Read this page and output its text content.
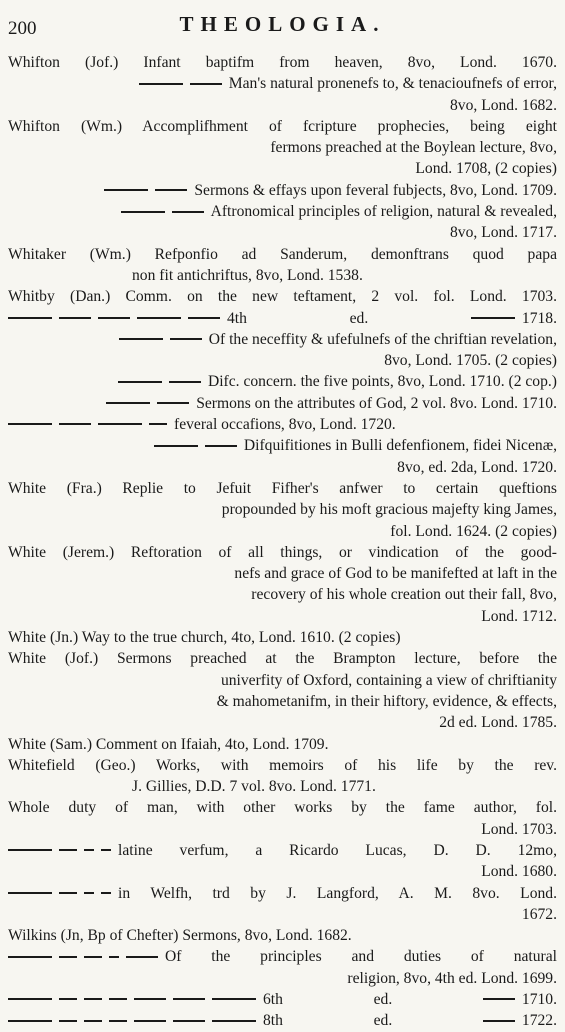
200	THEOLOGIA.
Whifton (Jof.) Infant baptifm from heaven, 8vo, Lond. 1670.
Man's natural pronenefs to, & tenacioufnefs of error,
8vo, Lond. 1682.
Whifton (Wm.) Accomplifhment of fcripture prophecies, being eight
fermons preached at the Boylean lecture, 8vo,
Lond. 1708, (2 copies)
Sermons & effays upon feveral fubjects, 8vo, Lond. 1709.
Aftronomical principles of religion, natural & revealed,
8vo, Lond. 1717.
Whitaker (Wm.) Refponfio ad Sanderum, demonftrans quod papa
non fit antichriftus, 8vo, Lond. 1538.
Whitby (Dan.) Comm. on the new teftament, 2 vol. fol. Lond. 1703.
4th ed.	1718.
Of the neceffity & ufefulnefs of the chriftian revelation,
8vo, Lond. 1705. (2 copies)
Difc. concern. the five points, 8vo, Lond. 1710. (2 cop.)
Sermons on the attributes of God, 2 vol. 8vo. Lond. 1710.
feveral occafions, 8vo, Lond. 1720.
Difquifitiones in Bulli defenfionem, fidei Nicenæ,
8vo, ed. 2da, Lond. 1720.
White (Fra.) Replie to Jefuit Fifher's anfwer to certain queftions
propounded by his moft gracious majefty king James,
fol. Lond. 1624. (2 copies)
White (Jerem.) Reftoration of all things, or vindication of the good-
nefs and grace of God to be manifefted at laft in the
recovery of his whole creation out their fall, 8vo,
Lond. 1712.
White (Jn.) Way to the true church, 4to, Lond. 1610. (2 copies)
White (Jof.) Sermons preached at the Brampton lecture, before the
univerfity of Oxford, containing a view of chriftianity
& mahometanifm, in their hiftory, evidence, & effects,
2d ed. Lond. 1785.
White (Sam.) Comment on Ifaiah, 4to, Lond. 1709.
Whitefield (Geo.) Works, with memoirs of his life by the rev.
J. Gillies, D.D. 7 vol. 8vo. Lond. 1771.
Whole duty of man, with other works by the fame author, fol.
Lond. 1703.
latine verfum, a Ricardo Lucas, D. D. 12mo,
Lond. 1680.
in Welfh, trd by J. Langford, A. M. 8vo. Lond.
1672.
Wilkins (Jn, Bp of Chefter) Sermons, 8vo, Lond. 1682.
Of the principles and duties of natural
religion, 8vo, 4th ed. Lond. 1699.
6th ed.	1710.
8th ed.	1722.
